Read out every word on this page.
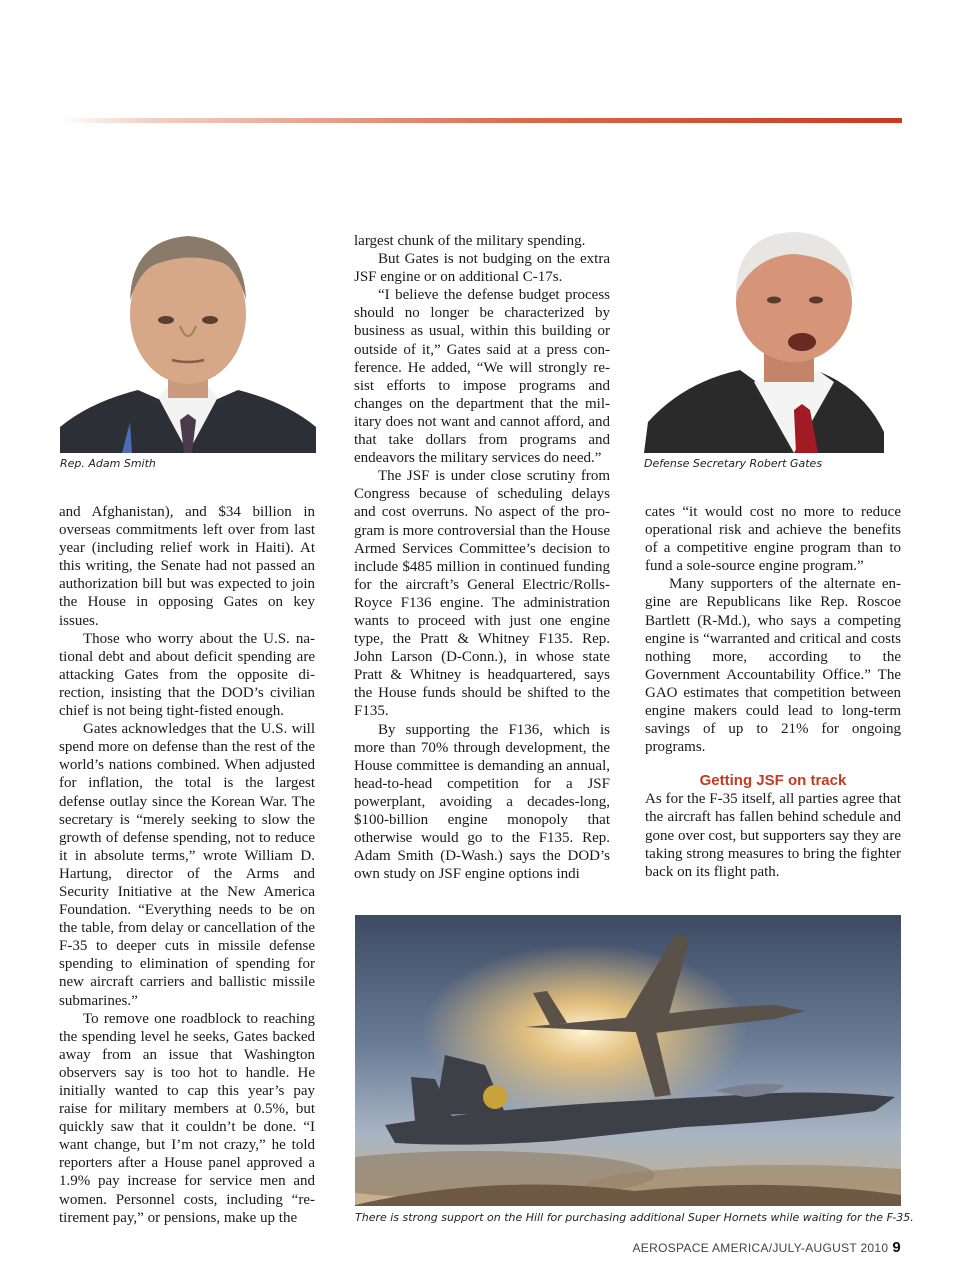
Rep. Adam Smith	Defense Secretary Robert Gates

and Afghanistan), and $34 billion in overseas commitments left over from last year (including relief work in Haiti). At this writing, the Senate had not passed an authorization bill but was expected to join the House in opposing Gates on key issues.

Those who worry about the U.S. national debt and about deficit spending are attacking Gates from the opposite direction, insisting that the DOD’s civilian chief is not being tight-fisted enough.

Gates acknowledges that the U.S. will spend more on defense than the rest of the world’s nations combined. When adjusted for inflation, the total is the largest defense outlay since the Korean War. The secretary is “merely seeking to slow the growth of defense spending, not to reduce it in absolute terms,” wrote William D. Hartung, director of the Arms and Security Initiative at the New America Foundation. “Everything needs to be on the table, from delay or cancellation of the F-35 to deeper cuts in missile defense spending to elimination of spending for new aircraft carriers and ballistic missile submarines.”

To remove one roadblock to reaching the spending level he seeks, Gates backed away from an issue that Washington observers say is too hot to handle. He initially wanted to cap this year’s pay raise for military members at 0.5%, but quickly saw that it couldn’t be done. “I want change, but I’m not crazy,” he told reporters after a House panel approved a 1.9% pay increase for service men and women. Personnel costs, including “retirement pay,” or pensions, make up the

largest chunk of the military spending.

But Gates is not budging on the extra JSF engine or on additional C-17s.

“I believe the defense budget process should no longer be characterized by business as usual, within this building or outside of it,” Gates said at a press conference. He added, “We will strongly resist efforts to impose programs and changes on the department that the military does not want and cannot afford, and that take dollars from programs and endeavors the military services do need.”

The JSF is under close scrutiny from Congress because of scheduling delays and cost overruns. No aspect of the program is more controversial than the House Armed Services Committee’s decision to include $485 million in continued funding for the aircraft’s General Electric/Rolls-Royce F136 engine. The administration wants to proceed with just one engine type, the Pratt & Whitney F135. Rep. John Larson (D-Conn.), in whose state Pratt & Whitney is headquartered, says the House funds should be shifted to the F135.

By supporting the F136, which is more than 70% through development, the House committee is demanding an annual, head-to-head competition for a JSF powerplant, avoiding a decades-long, $100-billion engine monopoly that otherwise would go to the F135. Rep. Adam Smith (D-Wash.) says the DOD’s own study on JSF engine options indi

cates “it would cost no more to reduce operational risk and achieve the benefits of a competitive engine program than to fund a sole-source engine program.”

Many supporters of the alternate engine are Republicans like Rep. Roscoe Bartlett (R-Md.), who says a competing engine is “warranted and critical and costs nothing more, according to the Government Accountability Office.” The GAO estimates that competition between engine makers could lead to long-term savings of up to 21% for ongoing programs.

Getting JSF on track

As for the F-35 itself, all parties agree that the aircraft has fallen behind schedule and gone over cost, but supporters say they are taking strong measures to bring the fighter back on its flight path.

There is strong support on the Hill for purchasing additional Super Hornets while waiting for the F-35.
AEROSPACE AMERICA/JULY-AUGUST 2010 9
